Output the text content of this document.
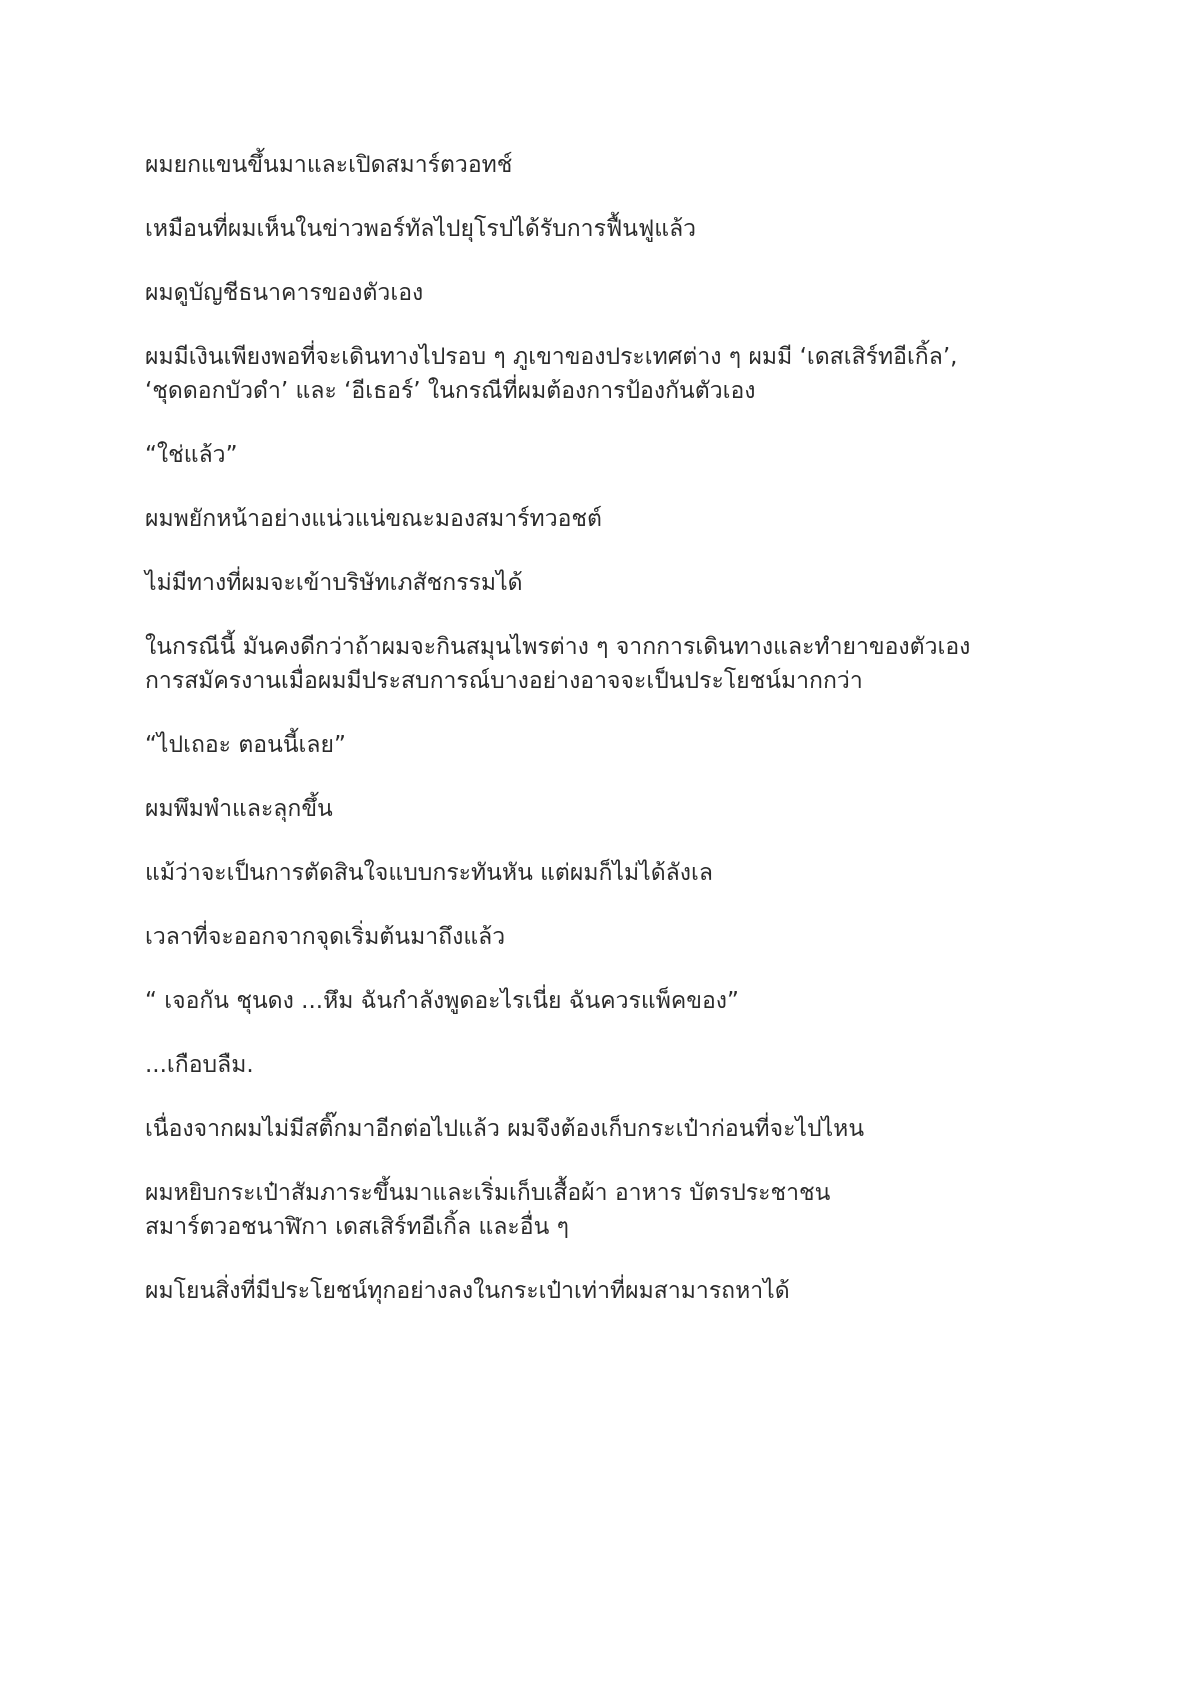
ผมยกแขนขึ้นมาและเปิดสมาร์ตวอทช์

เหมือนที่ผมเห็นในข่าวพอร์ทัลไปยุโรปได้รับการฟื้นฟูแล้ว

ผมดูบัญชีธนาคารของตัวเอง

ผมมีเงินเพียงพอที่จะเดินทางไปรอบ ๆ ภูเขาของประเทศต่าง ๆ ผมมี ‘เดสเสิร์ทอีเกิ้ล’,
‘ชุดดอกบัวดำ’ และ ‘อีเธอร์’ ในกรณีที่ผมต้องการป้องกันตัวเอง

“ใช่แล้ว”

ผมพยักหน้าอย่างแน่วแน่ขณะมองสมาร์ทวอชต์

ไม่มีทางที่ผมจะเข้าบริษัทเภสัชกรรมได้

ในกรณีนี้ มันคงดีกว่าถ้าผมจะกินสมุนไพรต่าง ๆ จากการเดินทางและทำยาของตัวเอง
การสมัครงานเมื่อผมมีประสบการณ์บางอย่างอาจจะเป็นประโยชน์มากกว่า

“ไปเถอะ ตอนนี้เลย”

ผมพึมพำและลุกขึ้น

แม้ว่าจะเป็นการตัดสินใจแบบกระทันหัน แต่ผมก็ไม่ได้ลังเล

เวลาที่จะออกจากจุดเริ่มต้นมาถึงแล้ว

“ เจอกัน ชุนดง ...หึม ฉันกำลังพูดอะไรเนี่ย ฉันควรแพ็คของ”

...เกือบลืม.

เนื่องจากผมไม่มีสติ๊กมาอีกต่อไปแล้ว ผมจึงต้องเก็บกระเป๋าก่อนที่จะไปไหน

ผมหยิบกระเป๋าสัมภาระขึ้นมาและเริ่มเก็บเสื้อผ้า อาหาร บัตรประชาชน
สมาร์ตวอชนาฬิกา เดสเสิร์ทอีเกิ้ล และอื่น ๆ

ผมโยนสิ่งที่มีประโยชน์ทุกอย่างลงในกระเป๋าเท่าที่ผมสามารถหาได้
